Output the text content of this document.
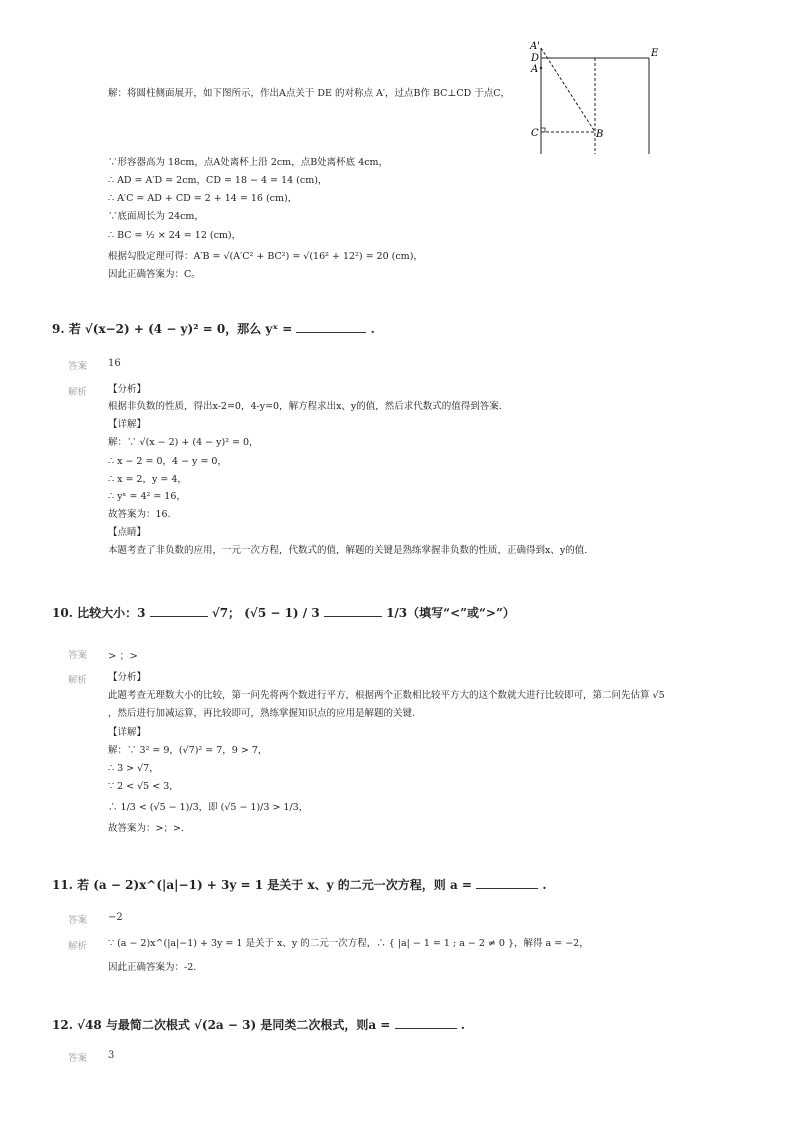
A'
D
A
E
C	B
解：将圆柱侧面展开，如下图所示，作出A点关于 DE 的对称点 A′，过点B作 BC⊥CD 于点C，
∵形容器高为 18cm，点A处离杯上沿 2cm，点B处离杯底 4cm，
∴ AD = A′D = 2cm，CD = 18 − 4 = 14 (cm)，
∴ A′C = AD + CD = 2 + 14 = 16 (cm)，
∵底面周长为 24cm，
∴ BC = ½ × 24 = 12 (cm)，
根据勾股定理可得：A′B = √(A′C² + BC²) = √(16² + 12²) = 20 (cm)，
因此正确答案为：C。
9. 若 √(x−2) + (4 − y)² = 0，那么 yˣ =	.
答案 16
解析 【分析】
根据非负数的性质，得出x-2=0，4-y=0，解方程求出x、y的值，然后求代数式的值得到答案.
【详解】
解：∵ √(x − 2) + (4 − y)² = 0，
∴ x − 2 = 0，4 − y = 0，
∴ x = 2，y = 4，
∴ yˣ = 4² = 16，
故答案为：16.
【点睛】
本题考查了非负数的应用，一元一次方程，代数式的值，解题的关键是熟练掌握非负数的性质，正确得到x、y的值.
10. 比较大小：3	√7； (√5 − 1) / 3	1/3（填写“<”或“>”）
答案 > ；>
解析 【分析】
此题考查无理数大小的比较，第一问先将两个数进行平方，根据两个正数相比较平方大的这个数就大进行比较即可，第二问先估算 √5
，然后进行加减运算，再比较即可，熟练掌握知识点的应用是解题的关键.
【详解】
解：∵ 3² = 9，(√7)² = 7，9 > 7，
∴ 3 > √7，
∵ 2 < √5 < 3，
∴ 1/3 < (√5 − 1)/3，即 (√5 − 1)/3 > 1/3，
故答案为：>；>.
11. 若 (a − 2)x^(|a|−1) + 3y = 1 是关于 x、y 的二元一次方程，则 a =	.
答案 −2
解析 ∵ (a − 2)x^(|a|−1) + 3y = 1 是关于 x、y 的二元一次方程，∴ { |a| − 1 = 1 ; a − 2 ≠ 0 }，解得 a = −2，
因此正确答案为：-2.
12. √48 与最简二次根式 √(2a − 3) 是同类二次根式，则a =	.
答案 3
